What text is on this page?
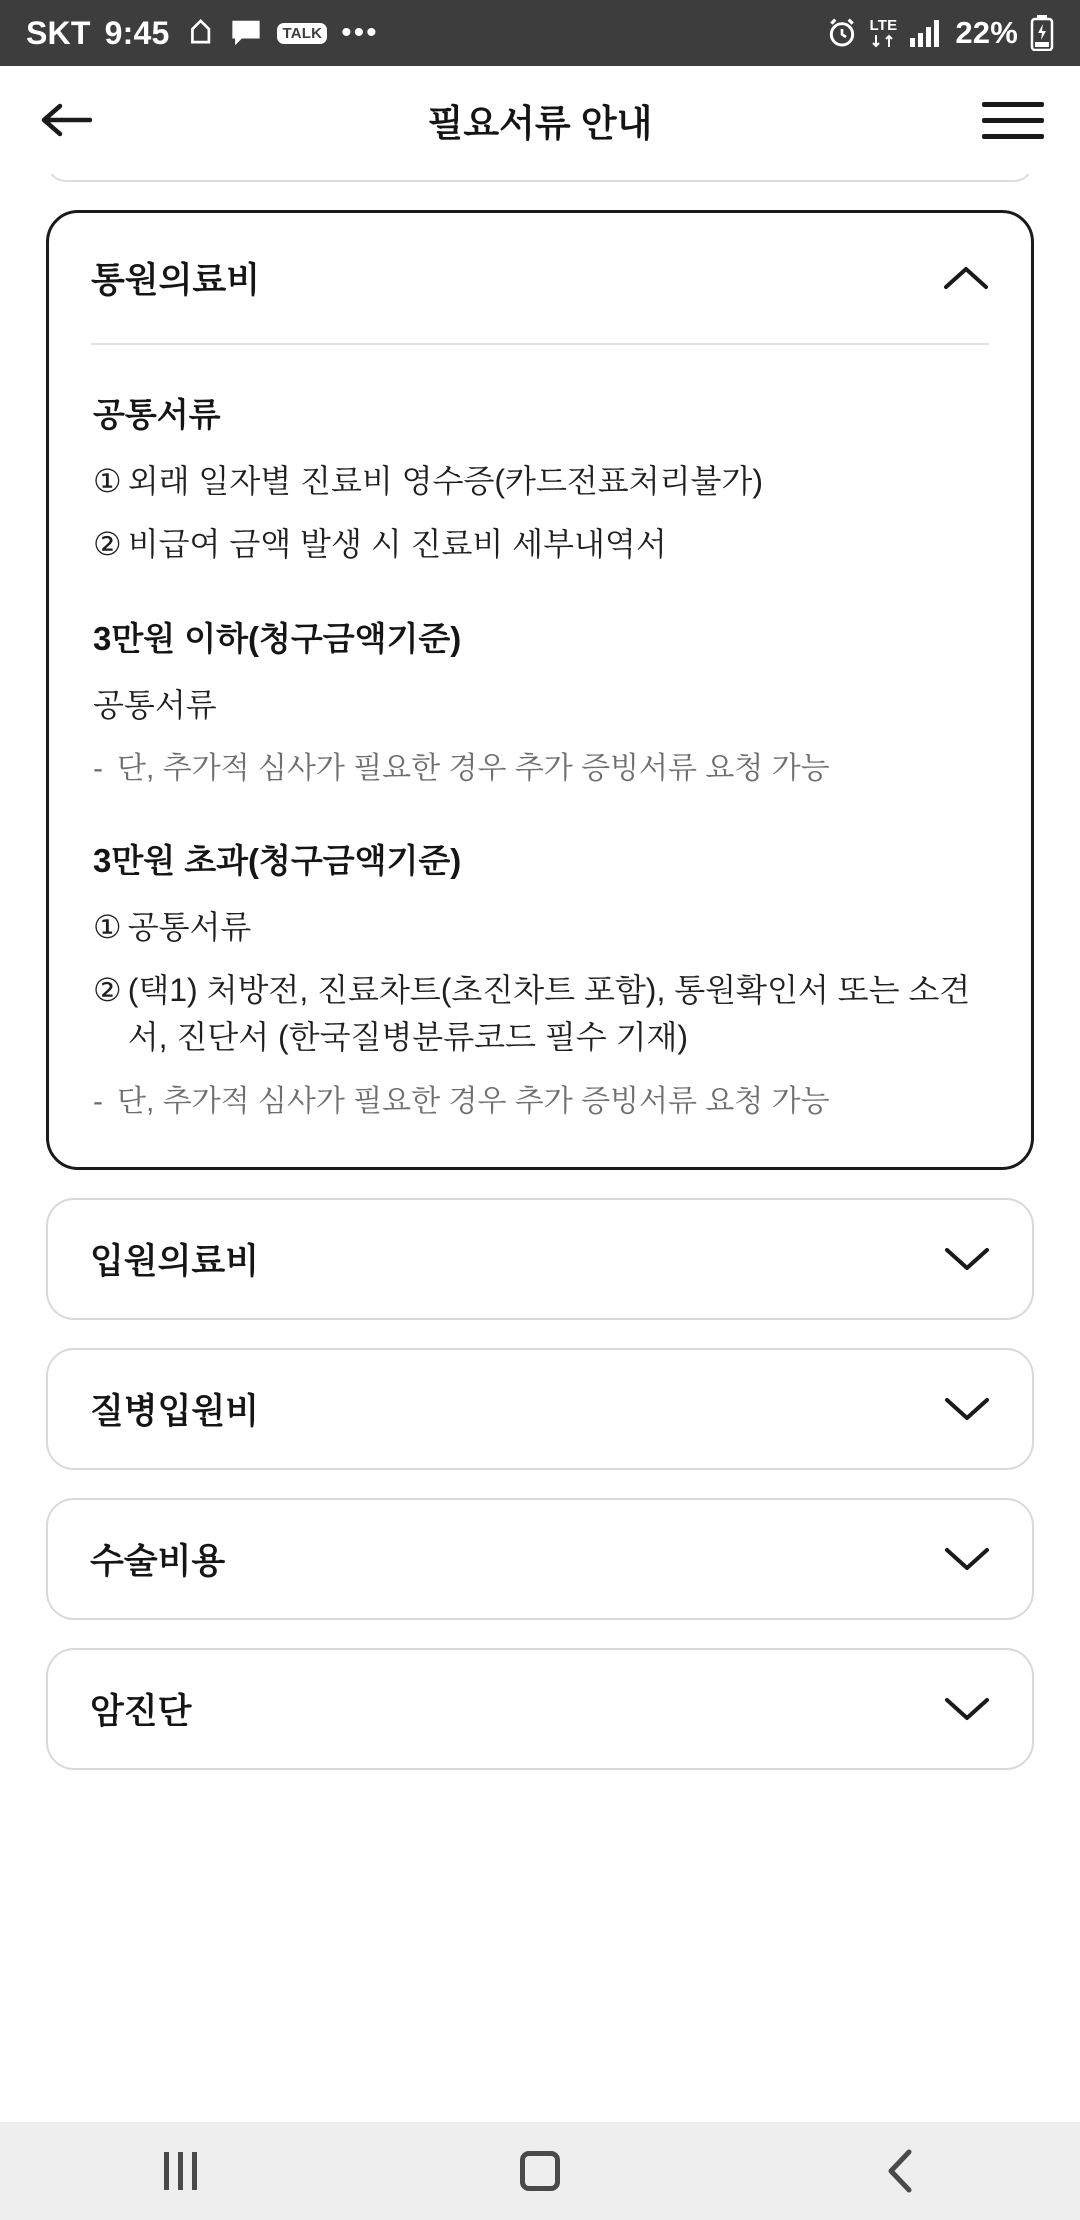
SKT 9:45	TALK •••	LTE 22%
필요서류 안내
통원의료비
공통서류
① 외래 일자별 진료비 영수증(카드전표처리불가)
② 비급여 금액 발생 시 진료비 세부내역서
3만원 이하(청구금액기준)
공통서류
- 단, 추가적 심사가 필요한 경우 추가 증빙서류 요청 가능
3만원 초과(청구금액기준)
① 공통서류
② (택1) 처방전, 진료차트(초진차트 포함), 통원확인서 또는 소견서, 진단서 (한국질병분류코드 필수 기재)
- 단, 추가적 심사가 필요한 경우 추가 증빙서류 요청 가능
입원의료비
질병입원비
수술비용
암진단
